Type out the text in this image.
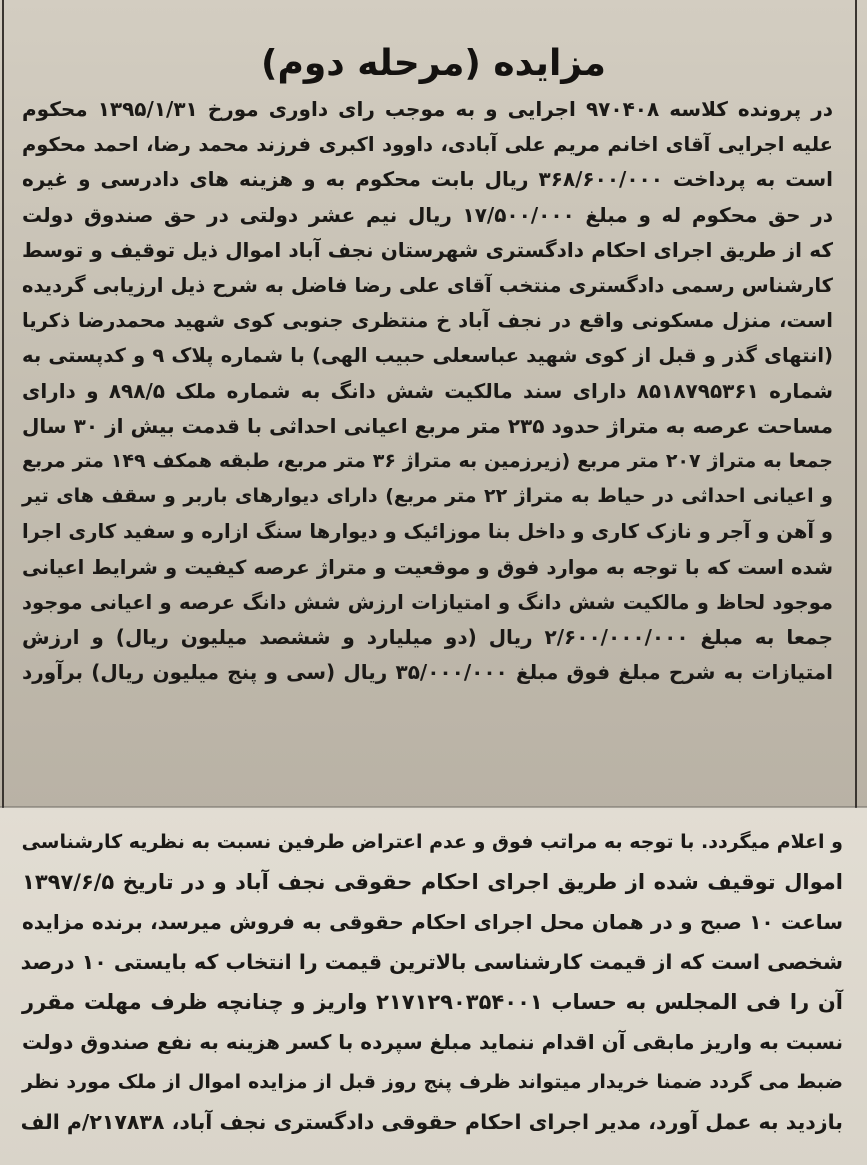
مزایده (مرحله دوم)
در پرونده کلاسه ۹۷۰۴۰۸ اجرایی و به موجب رای داوری مورخ ۱۳۹۵/۱/۳۱ محکوم
علیه اجرایی آقای اخانم مریم علی آبادی، داوود اکبری فرزند محمد رضا، احمد محکوم
است به پرداخت ۳۶۸/۶۰۰/۰۰۰ ریال بابت محکوم به و هزینه های دادرسی و غیره
در حق محکوم له و مبلغ ۱۷/۵۰۰/۰۰۰ ریال نیم عشر دولتی در حق صندوق دولت
که از طریق اجرای احکام دادگستری شهرستان نجف آباد اموال ذیل توقیف و توسط
کارشناس رسمی دادگستری منتخب آقای علی رضا فاضل به شرح ذیل ارزیابی گردیده
است، منزل مسکونی واقع در نجف آباد خ منتظری جنوبی کوی شهید محمدرضا ذکریا
(انتهای گذر و قبل از کوی شهید عباسعلی حبیب الهی) با شماره پلاک ۹ و کدپستی به
شماره ۸۵۱۸۷۹۵۳۶۱ دارای سند مالکیت شش دانگ به شماره ملک ۸۹۸/۵ و دارای
مساحت عرصه به متراژ حدود ۲۳۵ متر مربع اعیانی احداثی با قدمت بیش از ۳۰ سال
جمعا به متراژ ۲۰۷ متر مربع (زیرزمین به متراژ ۳۶ متر مربع، طبقه همکف ۱۴۹ متر مربع
و اعیانی احداثی در حیاط به متراژ ۲۲ متر مربع) دارای دیوارهای باربر و سقف های تیر
و آهن و آجر و نازک کاری و داخل بنا موزائیک و دیوارها سنگ ازاره و سفید کاری اجرا
شده است که با توجه به موارد فوق و موقعیت و متراژ عرصه کیفیت و شرایط اعیانی
موجود لحاظ و مالکیت شش دانگ و امتیازات ارزش شش دانگ عرصه و اعیانی موجود
جمعا به مبلغ ۲/۶۰۰/۰۰۰/۰۰۰ ریال (دو میلیارد و ششصد میلیون ریال) و ارزش
امتیازات به شرح مبلغ فوق مبلغ ۳۵/۰۰۰/۰۰۰ ریال (سی و پنج میلیون ریال) برآورد
و اعلام میگردد. با توجه به مراتب فوق و عدم اعتراض طرفین نسبت به نظریه کارشناسی
اموال توقیف شده از طریق اجرای احکام حقوقی نجف آباد و در تاریخ ۱۳۹۷/۶/۵
ساعت ۱۰ صبح و در همان محل اجرای احکام حقوقی به فروش میرسد، برنده مزایده
شخصی است که از قیمت کارشناسی بالاترین قیمت را انتخاب که بایستی ۱۰ درصد
آن را فی المجلس به حساب ۲۱۷۱۲۹۰۳۵۴۰۰۱ واریز و چنانچه ظرف مهلت مقرر
نسبت به واریز مابقی آن اقدام ننماید مبلغ سپرده با کسر هزینه به نفع صندوق دولت
ضبط می گردد ضمنا خریدار میتواند ظرف پنج روز قبل از مزایده اموال از ملک مورد نظر
بازدید به عمل آورد، مدیر اجرای احکام حقوقی دادگستری نجف آباد، ۲۱۷۸۳۸/م الف
